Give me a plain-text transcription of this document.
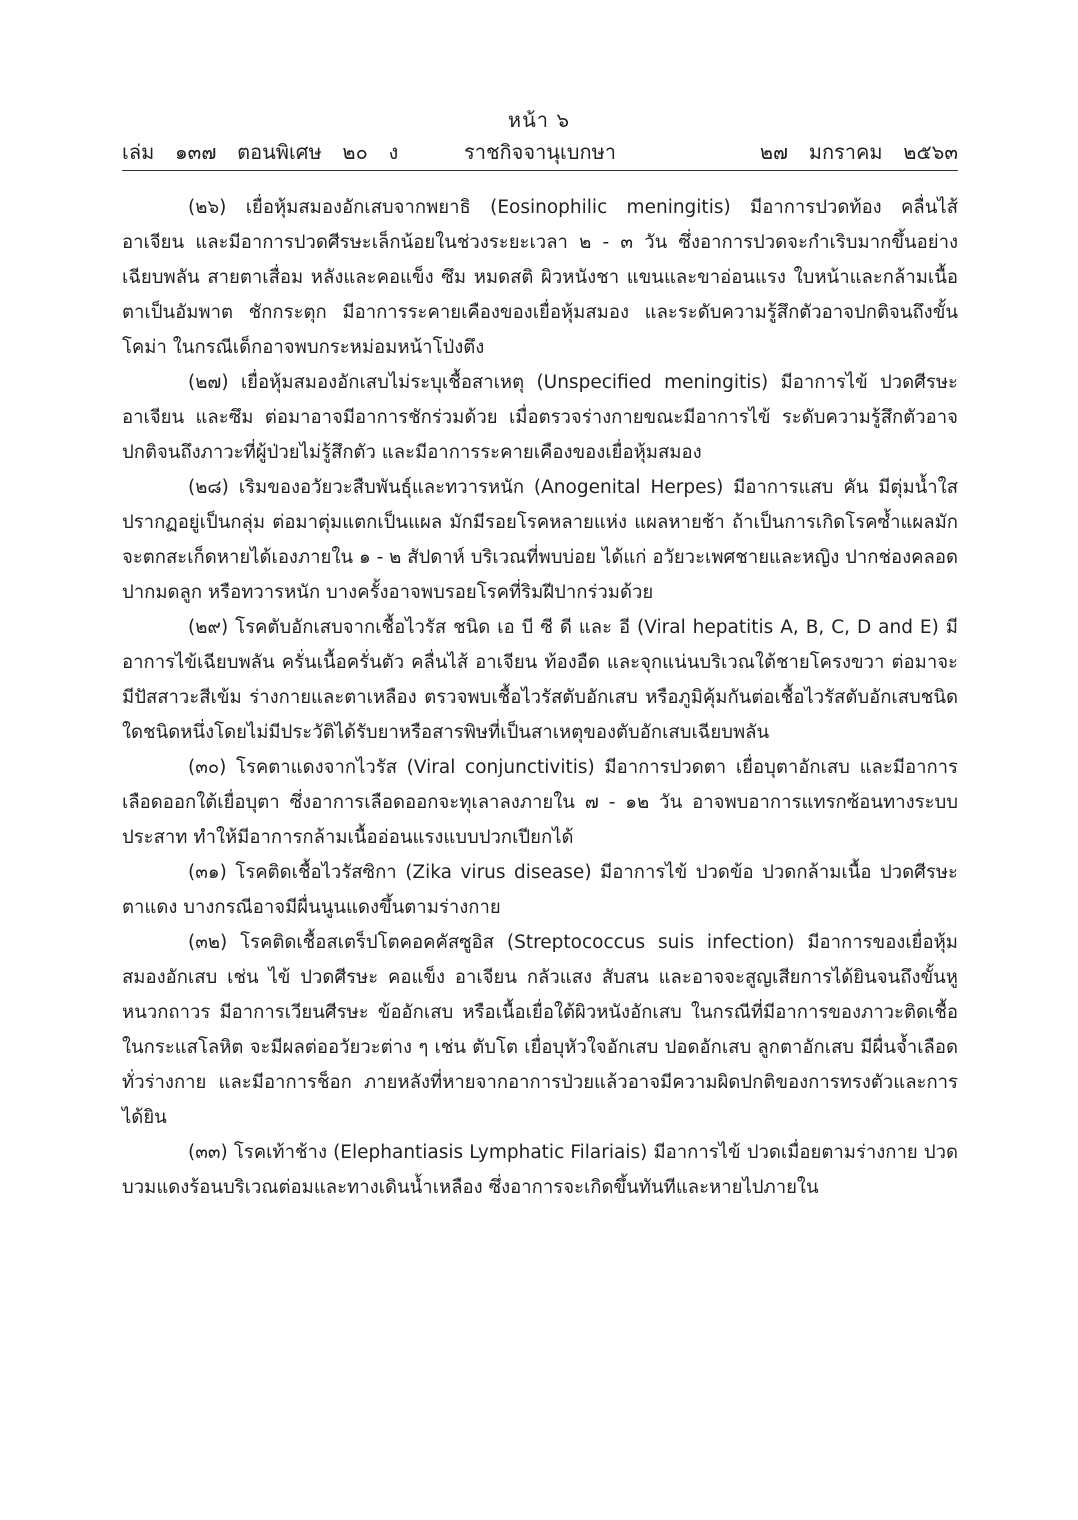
หน้า ๖
เล่ม  ๑๓๗  ตอนพิเศษ  ๒๐  ง	ราชกิจจานุเบกษา	๒๗  มกราคม  ๒๕๖๓

(๒๖) เยื่อหุ้มสมองอักเสบจากพยาธิ (Eosinophilic meningitis) มีอาการปวดท้อง คลื่นไส้ อาเจียน และมีอาการปวดศีรษะเล็กน้อยในช่วงระยะเวลา ๒ - ๓ วัน ซึ่งอาการปวดจะกำเริบมากขึ้นอย่างเฉียบพลัน สายตาเสื่อม หลังและคอแข็ง ซึม หมดสติ ผิวหนังชา แขนและขาอ่อนแรง ใบหน้าและกล้ามเนื้อตาเป็นอัมพาต ชักกระตุก มีอาการระคายเคืองของเยื่อหุ้มสมอง และระดับความรู้สึกตัวอาจปกติจนถึงขั้นโคม่า ในกรณีเด็กอาจพบกระหม่อมหน้าโป่งตึง

(๒๗) เยื่อหุ้มสมองอักเสบไม่ระบุเชื้อสาเหตุ (Unspecified meningitis) มีอาการไข้ ปวดศีรษะ อาเจียน และซึม ต่อมาอาจมีอาการชักร่วมด้วย เมื่อตรวจร่างกายขณะมีอาการไข้ ระดับความรู้สึกตัวอาจปกติจนถึงภาวะที่ผู้ป่วยไม่รู้สึกตัว และมีอาการระคายเคืองของเยื่อหุ้มสมอง

(๒๘) เริมของอวัยวะสืบพันธุ์และทวารหนัก (Anogenital Herpes) มีอาการแสบ คัน มีตุ่มน้ำใสปรากฏอยู่เป็นกลุ่ม ต่อมาตุ่มแตกเป็นแผล มักมีรอยโรคหลายแห่ง แผลหายช้า ถ้าเป็นการเกิดโรคซ้ำแผลมักจะตกสะเก็ดหายได้เองภายใน ๑ - ๒ สัปดาห์ บริเวณที่พบบ่อย ได้แก่ อวัยวะเพศชายและหญิง ปากช่องคลอด ปากมดลูก หรือทวารหนัก บางครั้งอาจพบรอยโรคที่ริมฝีปากร่วมด้วย

(๒๙) โรคตับอักเสบจากเชื้อไวรัส ชนิด เอ บี ซี ดี และ อี (Viral hepatitis A, B, C, D and E) มีอาการไข้เฉียบพลัน ครั่นเนื้อครั่นตัว คลื่นไส้ อาเจียน ท้องอืด และจุกแน่นบริเวณใต้ชายโครงขวา ต่อมาจะมีปัสสาวะสีเข้ม ร่างกายและตาเหลือง ตรวจพบเชื้อไวรัสตับอักเสบ หรือภูมิคุ้มกันต่อเชื้อไวรัสตับอักเสบชนิดใดชนิดหนึ่งโดยไม่มีประวัติได้รับยาหรือสารพิษที่เป็นสาเหตุของตับอักเสบเฉียบพลัน

(๓๐) โรคตาแดงจากไวรัส (Viral conjunctivitis) มีอาการปวดตา เยื่อบุตาอักเสบ และมีอาการเลือดออกใต้เยื่อบุตา ซึ่งอาการเลือดออกจะทุเลาลงภายใน ๗ - ๑๒ วัน อาจพบอาการแทรกซ้อนทางระบบประสาท ทำให้มีอาการกล้ามเนื้ออ่อนแรงแบบปวกเปียกได้

(๓๑) โรคติดเชื้อไวรัสซิกา (Zika virus disease) มีอาการไข้ ปวดข้อ ปวดกล้ามเนื้อ ปวดศีรษะ ตาแดง บางกรณีอาจมีผื่นนูนแดงขึ้นตามร่างกาย

(๓๒) โรคติดเชื้อสเตร็ปโตคอคคัสซูอิส (Streptococcus suis infection) มีอาการของเยื่อหุ้มสมองอักเสบ เช่น ไข้ ปวดศีรษะ คอแข็ง อาเจียน กลัวแสง สับสน และอาจจะสูญเสียการได้ยินจนถึงขั้นหูหนวกถาวร มีอาการเวียนศีรษะ ข้ออักเสบ หรือเนื้อเยื่อใต้ผิวหนังอักเสบ ในกรณีที่มีอาการของภาวะติดเชื้อในกระแสโลหิต จะมีผลต่ออวัยวะต่าง ๆ เช่น ตับโต เยื่อบุหัวใจอักเสบ ปอดอักเสบ ลูกตาอักเสบ มีผื่นจ้ำเลือดทั่วร่างกาย และมีอาการช็อก ภายหลังที่หายจากอาการป่วยแล้วอาจมีความผิดปกติของการทรงตัวและการได้ยิน

(๓๓) โรคเท้าช้าง (Elephantiasis Lymphatic Filariais) มีอาการไข้ ปวดเมื่อยตามร่างกาย ปวดบวมแดงร้อนบริเวณต่อมและทางเดินน้ำเหลือง ซึ่งอาการจะเกิดขึ้นทันทีและหายไปภายใน
